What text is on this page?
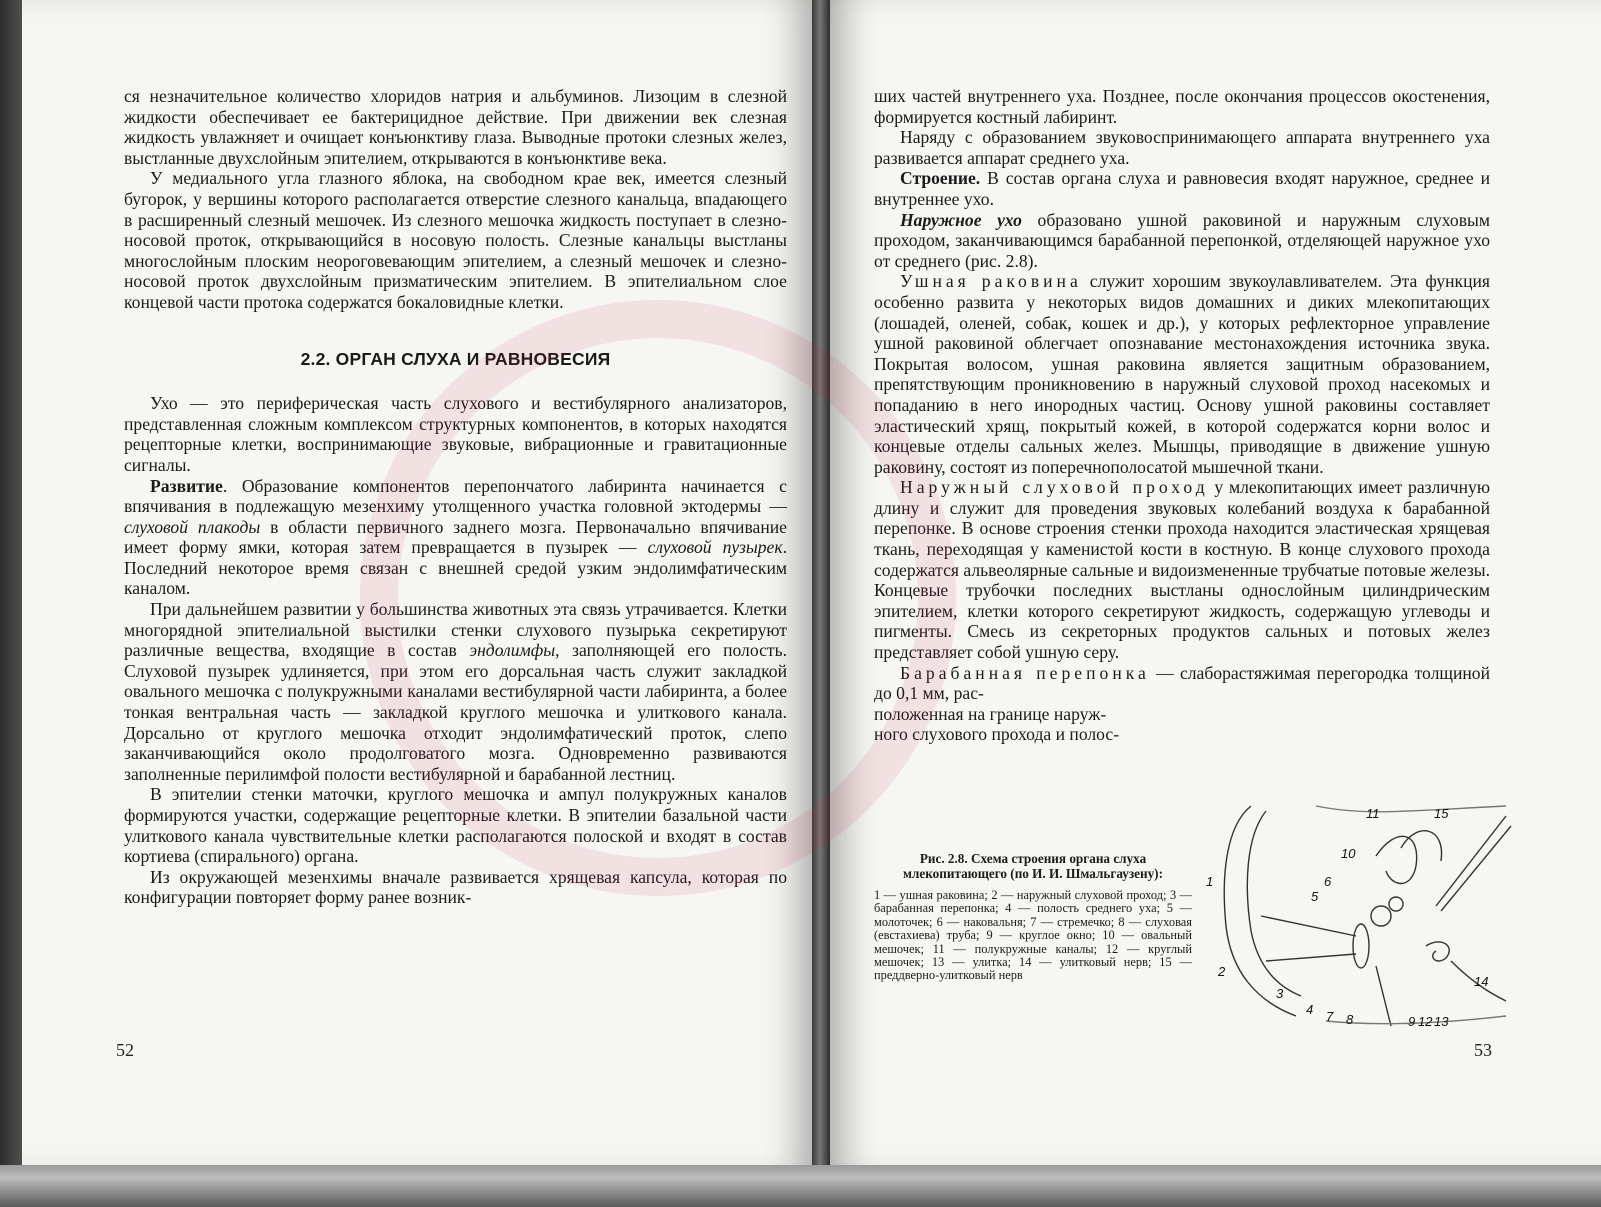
ся незначительное количество хлоридов натрия и альбуминов. Лизоцим в слезной жидкости обеспечивает ее бактерицидное действие. При движении век слезная жидкость увлажняет и очищает конъюнктиву глаза. Выводные протоки слезных желез, выстланные двухслойным эпителием, открываются в конъюнктиве века.

У медиального угла глазного яблока, на свободном крае век, имеется слезный бугорок, у вершины которого располагается отверстие слезного канальца, впадающего в расширенный слезный мешочек. Из слезного мешочка жидкость поступает в слезно-носовой проток, открывающийся в носовую полость. Слезные канальцы выстланы многослойным плоским неороговевающим эпителием, а слезный мешочек и слезно-носовой проток двухслойным призматическим эпителием. В эпителиальном слое концевой части протока содержатся бокаловидные клетки.

2.2. ОРГАН СЛУХА И РАВНОВЕСИЯ

Ухо — это периферическая часть слухового и вестибулярного анализаторов, представленная сложным комплексом структурных компонентов, в которых находятся рецепторные клетки, воспринимающие звуковые, вибрационные и гравитационные сигналы.

Развитие. Образование компонентов перепончатого лабиринта начинается с впячивания в подлежащую мезенхиму утолщенного участка головной эктодермы — слуховой плакоды в области первичного заднего мозга. Первоначально впячивание имеет форму ямки, которая затем превращается в пузырек — слуховой пузырек. Последний некоторое время связан с внешней средой узким эндолимфатическим каналом.

При дальнейшем развитии у большинства животных эта связь утрачивается. Клетки многорядной эпителиальной выстилки стенки слухового пузырька секретируют различные вещества, входящие в состав эндолимфы, заполняющей его полость. Слуховой пузырек удлиняется, при этом его дорсальная часть служит закладкой овального мешочка с полукружными каналами вестибулярной части лабиринта, а более тонкая вентральная часть — закладкой круглого мешочка и улиткового канала. Дорсально от круглого мешочка отходит эндолимфатический проток, слепо заканчивающийся около продолговатого мозга. Одновременно развиваются заполненные перилимфой полости вестибулярной и барабанной лестниц.

В эпителии стенки маточки, круглого мешочка и ампул полукружных каналов формируются участки, содержащие рецепторные клетки. В эпителии базальной части улиткового канала чувствительные клетки располагаются полоской и входят в состав кортиева (спирального) органа.

Из окружающей мезенхимы вначале развивается хрящевая капсула, которая по конфигурации повторяет форму ранее возник-

52

ших частей внутреннего уха. Позднее, после окончания процессов окостенения, формируется костный лабиринт.

Наряду с образованием звуковоспринимающего аппарата внутреннего уха развивается аппарат среднего уха.

Строение. В состав органа слуха и равновесия входят наружное, среднее и внутреннее ухо.

Наружное ухо образовано ушной раковиной и наружным слуховым проходом, заканчивающимся барабанной перепонкой, отделяющей наружное ухо от среднего (рис. 2.8).

Ушная раковина служит хорошим звукоулавливателем. Эта функция особенно развита у некоторых видов домашних и диких млекопитающих (лошадей, оленей, собак, кошек и др.), у которых рефлекторное управление ушной раковиной облегчает опознавание местонахождения источника звука. Покрытая волосом, ушная раковина является защитным образованием, препятствующим проникновению в наружный слуховой проход насекомых и попаданию в него инородных частиц. Основу ушной раковины составляет эластический хрящ, покрытый кожей, в которой содержатся корни волос и концевые отделы сальных желез. Мышцы, приводящие в движение ушную раковину, состоят из поперечнополосатой мышечной ткани.

Наружный слуховой проход у млекопитающих имеет различную длину и служит для проведения звуковых колебаний воздуха к барабанной перепонке. В основе строения стенки прохода находится эластическая хрящевая ткань, переходящая у каменистой кости в костную. В конце слухового прохода содержатся альвеолярные сальные и видоизмененные трубчатые потовые железы. Концевые трубочки последних выстланы однослойным цилиндрическим эпителием, клетки которого секретируют жидкость, содержащую углеводы и пигменты. Смесь из секреторных продуктов сальных и потовых желез представляет собой ушную серу.

Барабанная перепонка — слаборастяжимая перегородка толщиной до 0,1 мм, рас-

положенная на границе наруж-

ного слухового прохода и полос-

Рис. 2.8. Схема строения органа слуха млекопитающего (по И. И. Шмальгаузену):
1 — ушная раковина; 2 — наружный слуховой проход; 3 — барабанная перепонка; 4 — полость среднего уха; 5 — молоточек; 6 — наковальня; 7 — стремечко; 8 — слуховая (евстахиева) труба; 9 — круглое окно; 10 — овальный мешочек; 11 — полукружные каналы; 12 — круглый мешочек; 13 — улитка; 14 — улитковый нерв; 15 — преддверно-улитковый нерв
1
2
3
4
5
6
7 8	9
10
11
12 13
14
15
53
